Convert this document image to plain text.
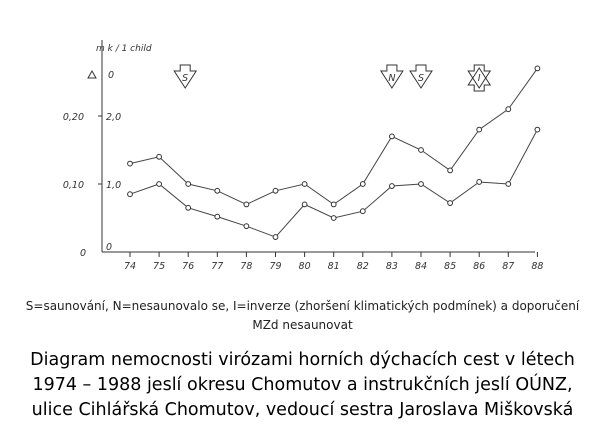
74 75 76 77 78 79 80 81 82 83 84 85 86 87 88
0,10
0,20
0
1,0
2,0
0
0	S	N S	I
m k / 1 child
S=saunování, N=nesaunovalo se, I=inverze (zhoršení klimatických podmínek) a doporučení MZd nesaunovat
Diagram nemocnosti virózami horních dýchacích cest v létech
1974 – 1988 jeslí okresu Chomutov a instrukčních jeslí OÚNZ,
ulice Cihlářská Chomutov, vedoucí sestra Jaroslava Miškovská
